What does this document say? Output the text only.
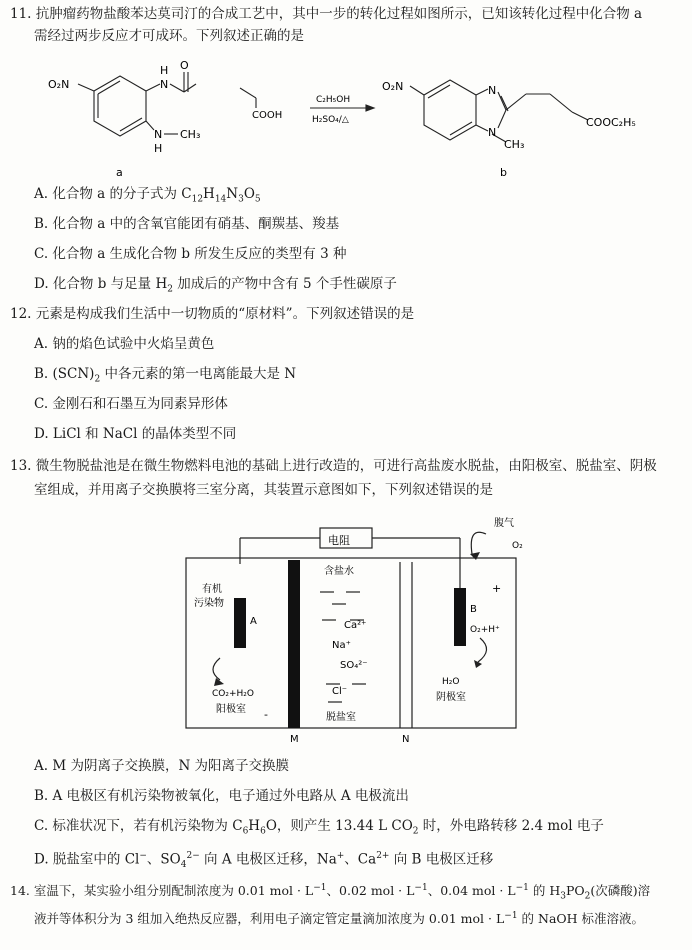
11. 抗肿瘤药物盐酸苯达莫司汀的合成工艺中，其中一步的转化过程如图所示，已知该转化过程中化合物 a
需经过两步反应才可成环。下列叙述正确的是
O₂N
H
N
O
N CH₃
H
a
COOH
C₂H₅OH
H₂SO₄/△
O₂N	N
N
CH₃
COOC₂H₅
b
A. 化合物 a 的分子式为 $C_{12}H_{14}N_3O_5$
B. 化合物 a 中的含氧官能团有硝基、酮羰基、羧基
C. 化合物 a 生成化合物 b 所发生反应的类型有 3 种
D. 化合物 b 与足量 $H_2$ 加成后的产物中含有 5 个手性碳原子
12. 元素是构成我们生活中一切物质的“原材料”。下列叙述错误的是
A. 钠的焰色试验中火焰呈黄色
B. $(SCN)_2$ 中各元素的第一电离能最大是 N
C. 金刚石和石墨互为同素异形体
D. LiCl 和 NaCl 的晶体类型不同
13. 微生物脱盐池是在微生物燃料电池的基础上进行改造的，可进行高盐废水脱盐，由阳极室、脱盐室、阴极
室组成，并用离子交换膜将三室分离，其装置示意图如下，下列叙述错误的是
电阻
腹气
O₂
含盐水
有机
污染物
A
B
+
Ca²⁺
Na⁺
SO₄²⁻
Cl⁻
O₂+H⁺
CO₂+H₂O
H₂O
阳极室 -	脱盐室
阴极室
M	N
A. M 为阴离子交换膜，N 为阳离子交换膜
B. A 电极区有机污染物被氧化，电子通过外电路从 A 电极流出
C. 标准状况下，若有机污染物为 $C_6H_6O$，则产生 13.44 L $CO_2$ 时，外电路转移 2.4 mol 电子
D. 脱盐室中的 Cl−、$SO_4^{2-}$ 向 A 电极区迁移，Na+、$Ca^{2+}$ 向 B 电极区迁移
14. 室温下，某实验小组分别配制浓度为 0.01 mol · $L^{-1}$、0.02 mol · $L^{-1}$、0.04 mol · $L^{-1}$ 的 $H_3PO_2$(次磷酸)溶
液并等体积分为 3 组加入绝热反应器，利用电子滴定管定量滴加浓度为 0.01 mol · $L^{-1}$ 的 NaOH 标准溶液。
